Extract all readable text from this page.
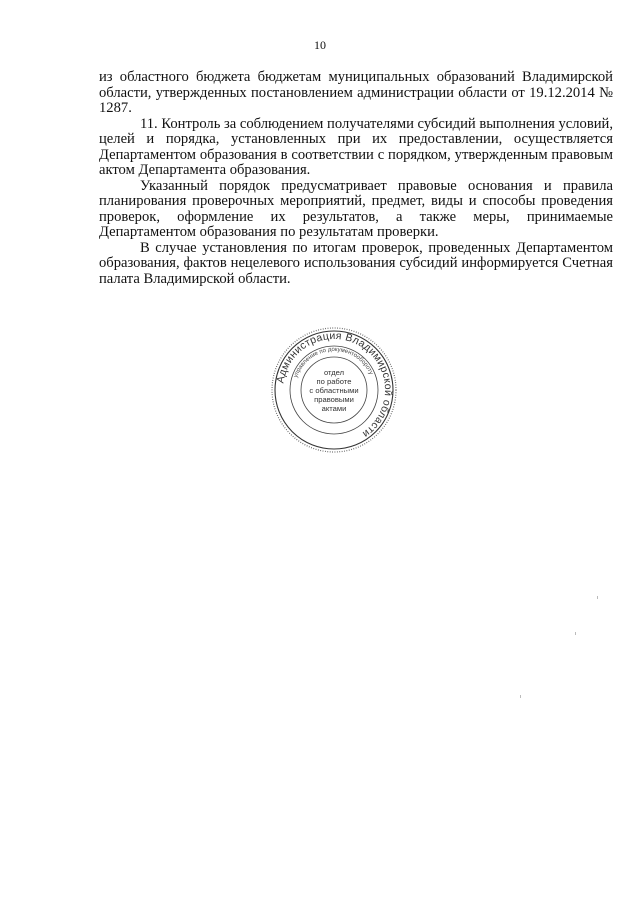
10

из областного бюджета бюджетам муниципальных образований Владимирской области, утвержденных постановлением администрации области от 19.12.2014 № 1287.

11. Контроль за соблюдением получателями субсидий выполнения условий, целей и порядка, установленных при их предоставлении, осуществляется Департаментом образования в соответствии с порядком, утвержденным правовым актом Департамента образования.

Указанный порядок предусматривает правовые основания и правила планирования проверочных мероприятий, предмет, виды и способы проведения проверок, оформление их результатов, а также меры, принимаемые Департаментом образования по результатам проверки.

В случае установления по итогам проверок, проведенных Департаментом образования, фактов нецелевого использования субсидий информируется Счетная палата Владимирской области.

Администрация Владимирской области
управление по документообороту
отдел
по работе
с областными
правовыми
актами
